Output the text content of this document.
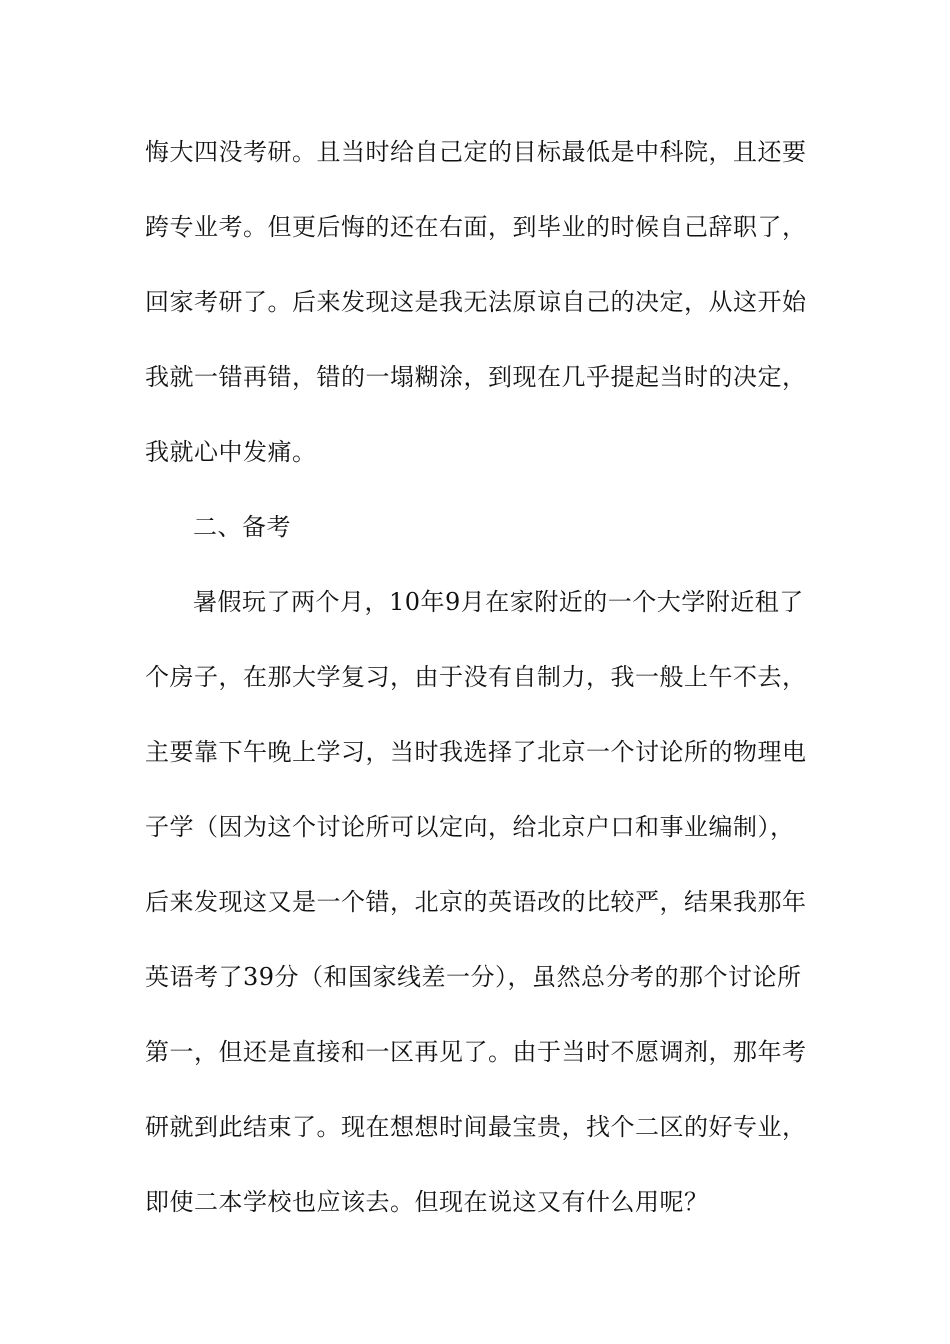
悔大四没考研。且当时给自己定的目标最低是中科院，且还要
跨专业考。但更后悔的还在右面，到毕业的时候自己辞职了，
回家考研了。后来发现这是我无法原谅自己的决定，从这开始
我就一错再错，错的一塌糊涂，到现在几乎提起当时的决定，
我就心中发痛。
二、备考
暑假玩了两个月，10年9月在家附近的一个大学附近租了
个房子，在那大学复习，由于没有自制力，我一般上午不去，
主要靠下午晚上学习，当时我选择了北京一个讨论所的物理电
子学（因为这个讨论所可以定向，给北京户口和事业编制），
后来发现这又是一个错，北京的英语改的比较严，结果我那年
英语考了39分（和国家线差一分），虽然总分考的那个讨论所
第一，但还是直接和一区再见了。由于当时不愿调剂，那年考
研就到此结束了。现在想想时间最宝贵，找个二区的好专业，
即使二本学校也应该去。但现在说这又有什么用呢？
